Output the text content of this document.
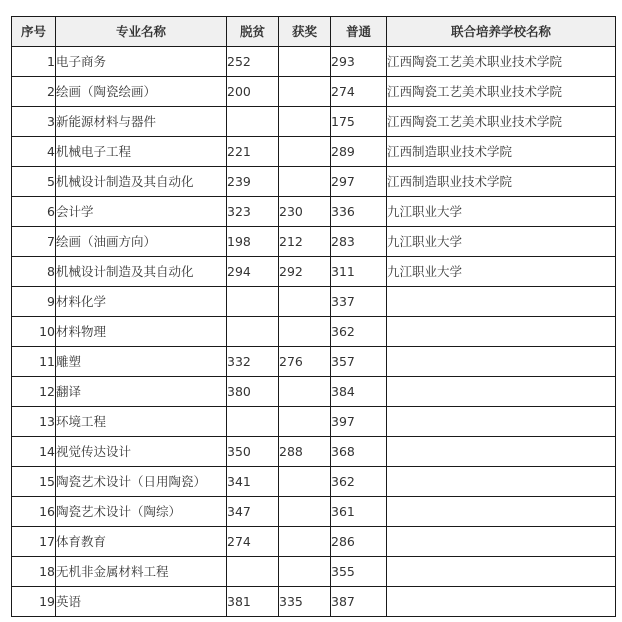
序号	专业名称	脱贫	获奖	普通	联合培养学校名称
1	电子商务	252		293	江西陶瓷工艺美术职业技术学院
2	绘画（陶瓷绘画）	200		274	江西陶瓷工艺美术职业技术学院
3	新能源材料与器件			175	江西陶瓷工艺美术职业技术学院
4	机械电子工程	221		289	江西制造职业技术学院
5	机械设计制造及其自动化	239		297	江西制造职业技术学院
6	会计学	323	230	336	九江职业大学
7	绘画（油画方向）	198	212	283	九江职业大学
8	机械设计制造及其自动化	294	292	311	九江职业大学
9	材料化学			337	
10	材料物理			362	
11	雕塑	332	276	357	
12	翻译	380		384	
13	环境工程			397	
14	视觉传达设计	350	288	368	
15	陶瓷艺术设计（日用陶瓷）	341		362	
16	陶瓷艺术设计（陶综）	347		361	
17	体育教育	274		286	
18	无机非金属材料工程			355	
19	英语	381	335	387	
